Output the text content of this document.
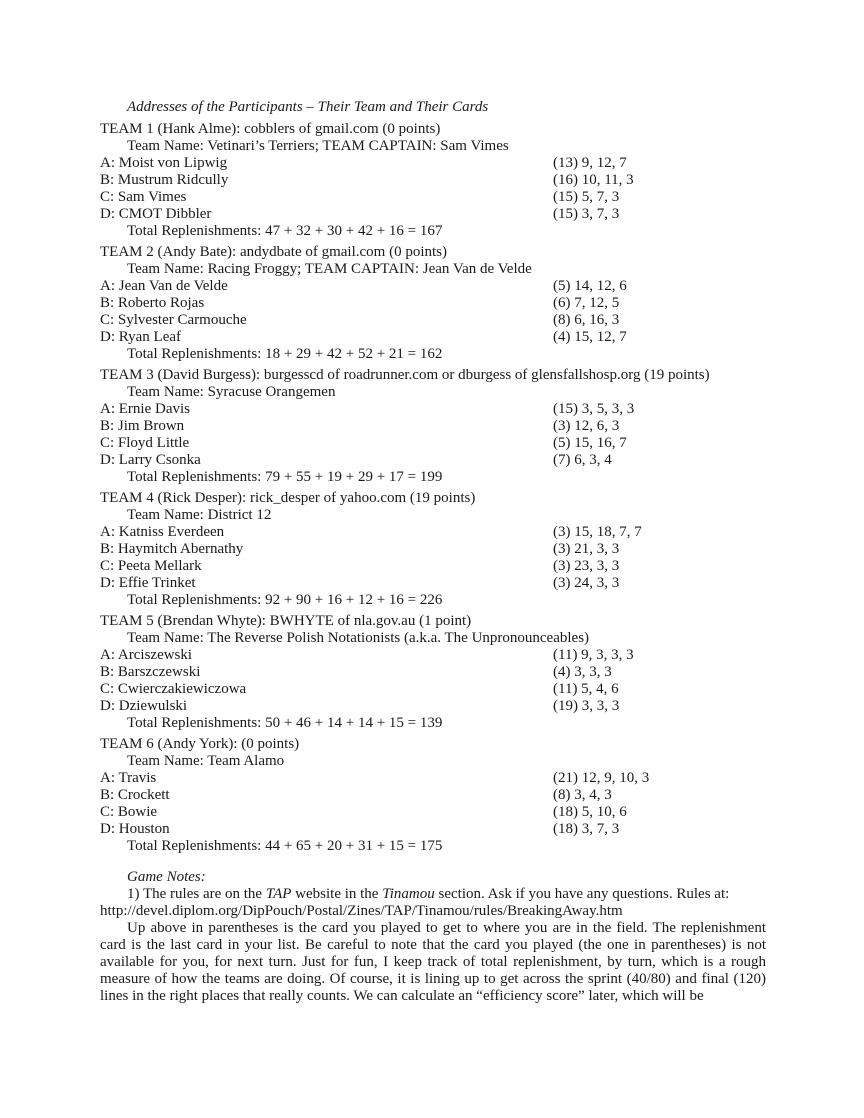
Addresses of the Participants – Their Team and Their Cards
TEAM 1 (Hank Alme): cobblers of gmail.com (0 points)
Team Name: Vetinari’s Terriers; TEAM CAPTAIN: Sam Vimes
A: Moist von Lipwig	(13) 9, 12, 7
B: Mustrum Ridcully	(16) 10, 11, 3
C: Sam Vimes	(15) 5, 7, 3
D: CMOT Dibbler	(15) 3, 7, 3
Total Replenishments: 47 + 32 + 30 + 42 + 16 = 167
TEAM 2 (Andy Bate): andydbate of gmail.com (0 points)
Team Name: Racing Froggy; TEAM CAPTAIN: Jean Van de Velde
A: Jean Van de Velde	(5) 14, 12, 6
B: Roberto Rojas	(6) 7, 12, 5
C: Sylvester Carmouche	(8) 6, 16, 3
D: Ryan Leaf	(4) 15, 12, 7
Total Replenishments: 18 + 29 + 42 + 52 + 21 = 162
TEAM 3 (David Burgess): burgesscd of roadrunner.com or dburgess of glensfallshosp.org (19 points)
Team Name: Syracuse Orangemen
A: Ernie Davis	(15) 3, 5, 3, 3
B: Jim Brown	(3) 12, 6, 3
C: Floyd Little	(5) 15, 16, 7
D: Larry Csonka	(7) 6, 3, 4
Total Replenishments: 79 + 55 + 19 + 29 + 17 = 199
TEAM 4 (Rick Desper): rick_desper of yahoo.com (19 points)
Team Name: District 12
A: Katniss Everdeen	(3) 15, 18, 7, 7
B: Haymitch Abernathy	(3) 21, 3, 3
C: Peeta Mellark	(3) 23, 3, 3
D: Effie Trinket	(3) 24, 3, 3
Total Replenishments: 92 + 90 + 16 + 12 + 16 = 226
TEAM 5 (Brendan Whyte): BWHYTE of nla.gov.au (1 point)
Team Name: The Reverse Polish Notationists (a.k.a. The Unpronounceables)
A: Arciszewski	(11) 9, 3, 3, 3
B: Barszczewski	(4) 3, 3, 3
C: Cwierczakiewiczowa	(11) 5, 4, 6
D: Dziewulski	(19) 3, 3, 3
Total Replenishments: 50 + 46 + 14 + 14 + 15 = 139
TEAM 6 (Andy York): (0 points)
Team Name: Team Alamo
A: Travis	(21) 12, 9, 10, 3
B: Crockett	(8) 3, 4, 3
C: Bowie	(18) 5, 10, 6
D: Houston	(18) 3, 7, 3
Total Replenishments: 44 + 65 + 20 + 31 + 15 = 175
Game Notes:
1) The rules are on the TAP website in the Tinamou section. Ask if you have any questions. Rules at:
http://devel.diplom.org/DipPouch/Postal/Zines/TAP/Tinamou/rules/BreakingAway.htm
Up above in parentheses is the card you played to get to where you are in the field. The replenishment card is the last card in your list. Be careful to note that the card you played (the one in parentheses) is not available for you, for next turn. Just for fun, I keep track of total replenishment, by turn, which is a rough measure of how the teams are doing. Of course, it is lining up to get across the sprint (40/80) and final (120) lines in the right places that really counts. We can calculate an “efficiency score” later, which will be
